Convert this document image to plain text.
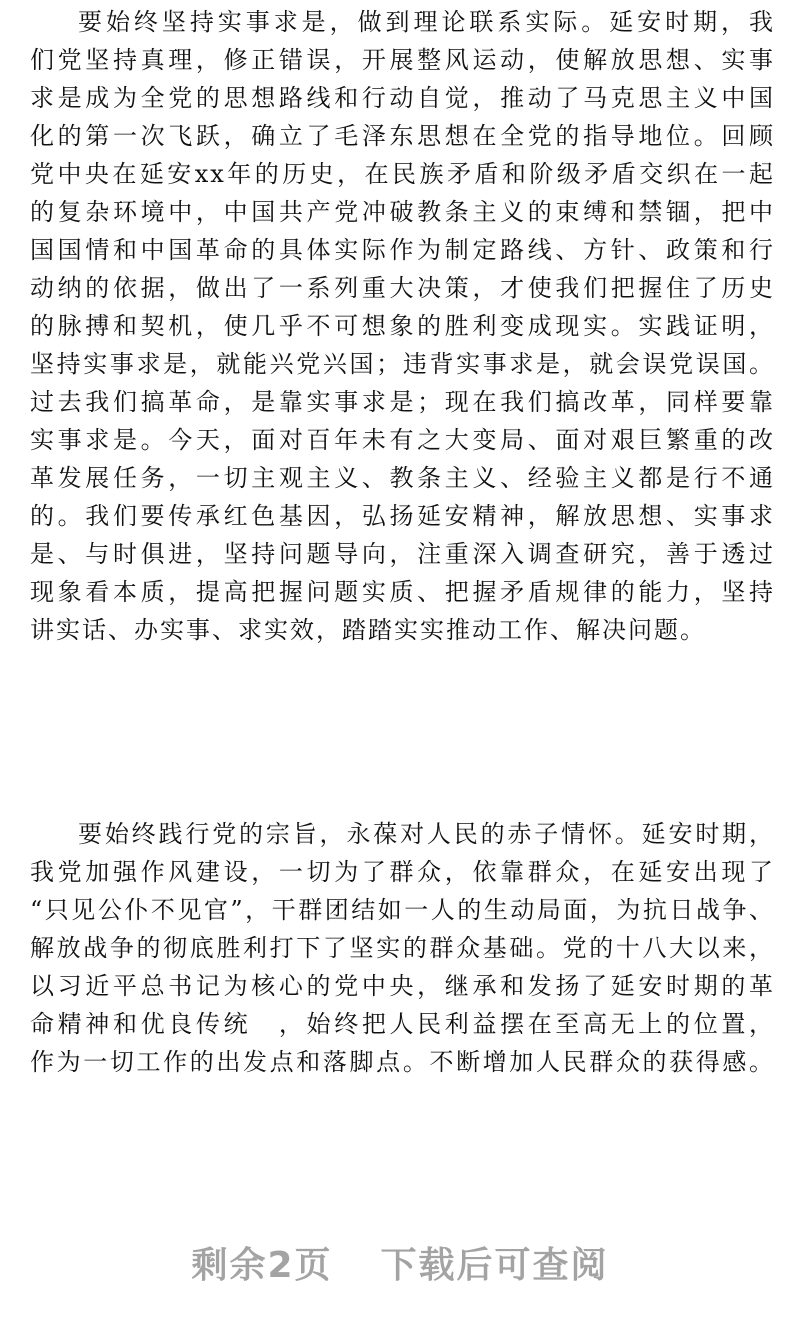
要始终坚持实事求是，做到理论联系实际。延安时期，我
们党坚持真理，修正错误，开展整风运动，使解放思想、实事
求是成为全党的思想路线和行动自觉，推动了马克思主义中国
化的第一次飞跃，确立了毛泽东思想在全党的指导地位。回顾
党中央在延安xx年的历史，在民族矛盾和阶级矛盾交织在一起
的复杂环境中，中国共产党冲破教条主义的束缚和禁锢，把中
国国情和中国革命的具体实际作为制定路线、方针、政策和行
动纳的依据，做出了一系列重大决策，才使我们把握住了历史
的脉搏和契机，使几乎不可想象的胜利变成现实。实践证明，
坚持实事求是，就能兴党兴国；违背实事求是，就会误党误国。
过去我们搞革命，是靠实事求是；现在我们搞改革，同样要靠
实事求是。今天，面对百年未有之大变局、面对艰巨繁重的改
革发展任务，一切主观主义、教条主义、经验主义都是行不通
的。我们要传承红色基因，弘扬延安精神，解放思想、实事求
是、与时俱进，坚持问题导向，注重深入调查研究，善于透过
现象看本质，提高把握问题实质、把握矛盾规律的能力，坚持
讲实话、办实事、求实效，踏踏实实推动工作、解决问题。
要始终践行党的宗旨，永葆对人民的赤子情怀。延安时期，
我党加强作风建设，一切为了群众，依靠群众，在延安出现了
“只见公仆不见官”，干群团结如一人的生动局面，为抗日战争、
解放战争的彻底胜利打下了坚实的群众基础。党的十八大以来，
以习近平总书记为核心的党中央，继承和发扬了延安时期的革
命精神和优良传统　，始终把人民利益摆在至高无上的位置，
作为一切工作的出发点和落脚点。不断增加人民群众的获得感。
剩余2页 下载后可查阅
